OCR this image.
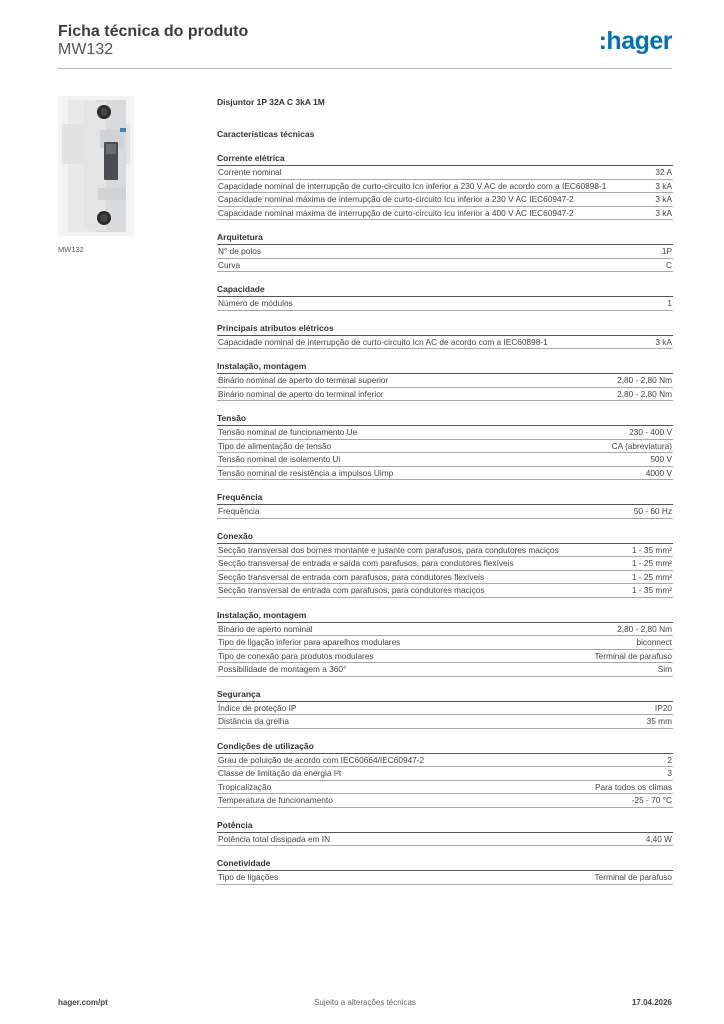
Ficha técnica do produto
MW132	:hager
MW132
Disjuntor 1P 32A C 3kA 1M
Características técnicas
Corrente elétrica
Corrente nominal	32 A
Capacidade nominal de interrupção de curto-circuito Icn inferior a 230 V AC de acordo com a IEC60898-1	3 kA
Capacidade nominal máxima de interrupção de curto-circuito Icu inferior a 230 V AC IEC60947-2	3 kA
Capacidade nominal máxima de interrupção de curto-circuito Icu inferior a 400 V AC IEC60947-2	3 kA
Arquitetura
N° de polos	1P
Curva	C
Capacidade
Número de módulos	1
Principais atributos elétricos
Capacidade nominal de interrupção de curto-circuito Icn AC de acordo com a IEC60898-1	3 kA
Instalação, montagem
Binário nominal de aperto do terminal superior	2,80 - 2,80 Nm
Binário nominal de aperto do terminal inferior	2,80 - 2,80 Nm
Tensão
Tensão nominal de funcionamento Ue	230 - 400 V
Tipo de alimentação de tensão	CA (abreviatura)
Tensão nominal de isolamento Ui	500 V
Tensão nominal de resistência a impulsos Uimp	4000 V
Frequência
Frequência	50 - 60 Hz
Conexão
Secção transversal dos bornes montante e jusante com parafusos, para condutores maciços	1 - 35 mm²
Secção transversal de entrada e saída com parafusos, para condutores flexíveis	1 - 25 mm²
Secção transversal de entrada com parafusos, para condutores flexíveis	1 - 25 mm²
Secção transversal de entrada com parafusos, para condutores maciços	1 - 35 mm²
Instalação, montagem
Binário de aperto nominal	2,80 - 2,80 Nm
Tipo de ligação inferior para aparelhos modulares	biconnect
Tipo de conexão para produtos modulares	Terminal de parafuso
Possibilidade de montagem a 360°	Sim
Segurança
Índice de proteção IP	IP20
Distância da grelha	35 mm
Condições de utilização
Grau de poluição de acordo com IEC60664/IEC60947-2	2
Classe de limitação da energia I²t	3
Tropicalização	Para todos os climas
Temperatura de funcionamento	-25 - 70 °C
Potência
Potência total dissipada em IN	4,40 W
Conetividade
Tipo de ligações	Terminal de parafuso
Sujeito a alterações técnicas
hager.com/pt	17.04.2026
